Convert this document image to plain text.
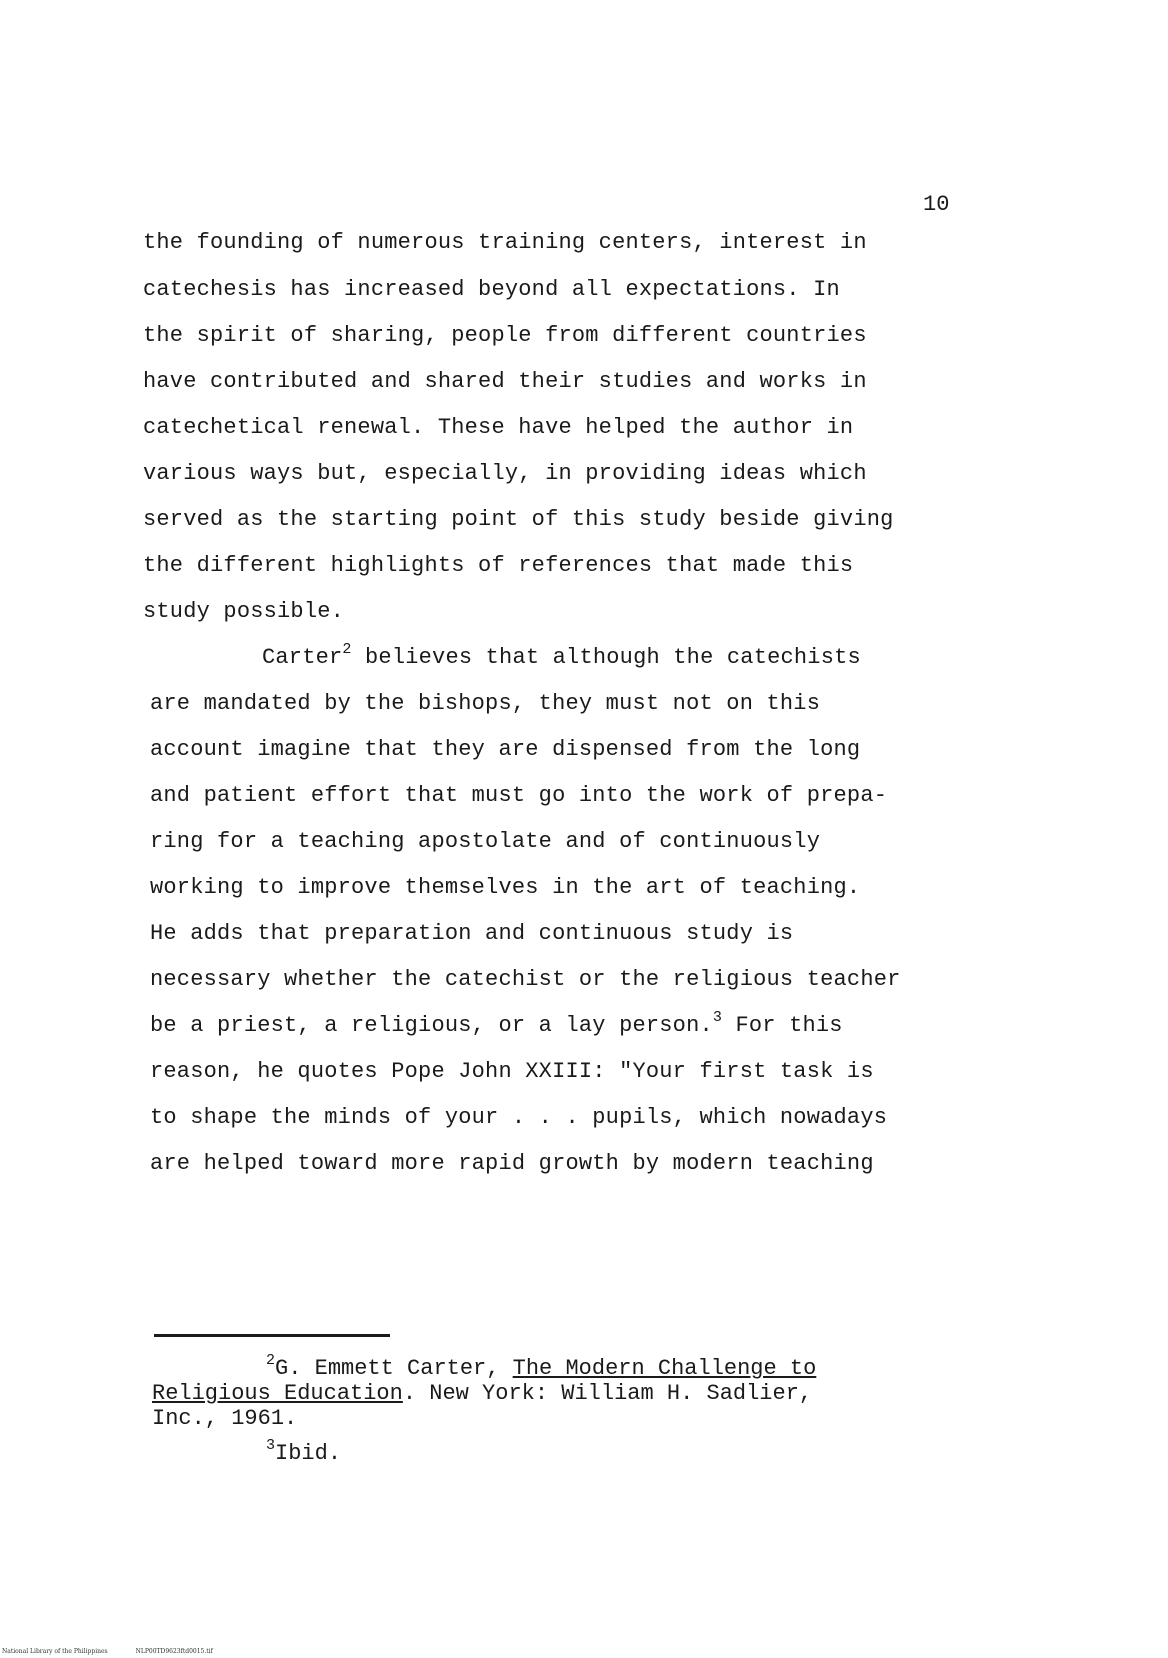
10
the founding of numerous training centers, interest in
catechesis has increased beyond all expectations. In
the spirit of sharing, people from different countries
have contributed and shared their studies and works in
catechetical renewal. These have helped the author in
various ways but, especially, in providing ideas which
served as the starting point of this study beside giving
the different highlights of references that made this
study possible.
Carter$^2$ believes that although the catechists
are mandated by the bishops, they must not on this
account imagine that they are dispensed from the long
and patient effort that must go into the work of prepa-
ring for a teaching apostolate and of continuously
working to improve themselves in the art of teaching.
He adds that preparation and continuous study is
necessary whether the catechist or the religious teacher
be a priest, a religious, or a lay person.$^3$ For this
reason, he quotes Pope John XXIII: "Your first task is
to shape the minds of your . . . pupils, which nowadays
are helped toward more rapid growth by modern teaching
$^2$G. Emmett Carter, The Modern Challenge to
Religious Education. New York: William H. Sadlier,
Inc., 1961.
$^3$Ibid.
National Library of the Philippines	NLP00TD9623ftd0015.tif
